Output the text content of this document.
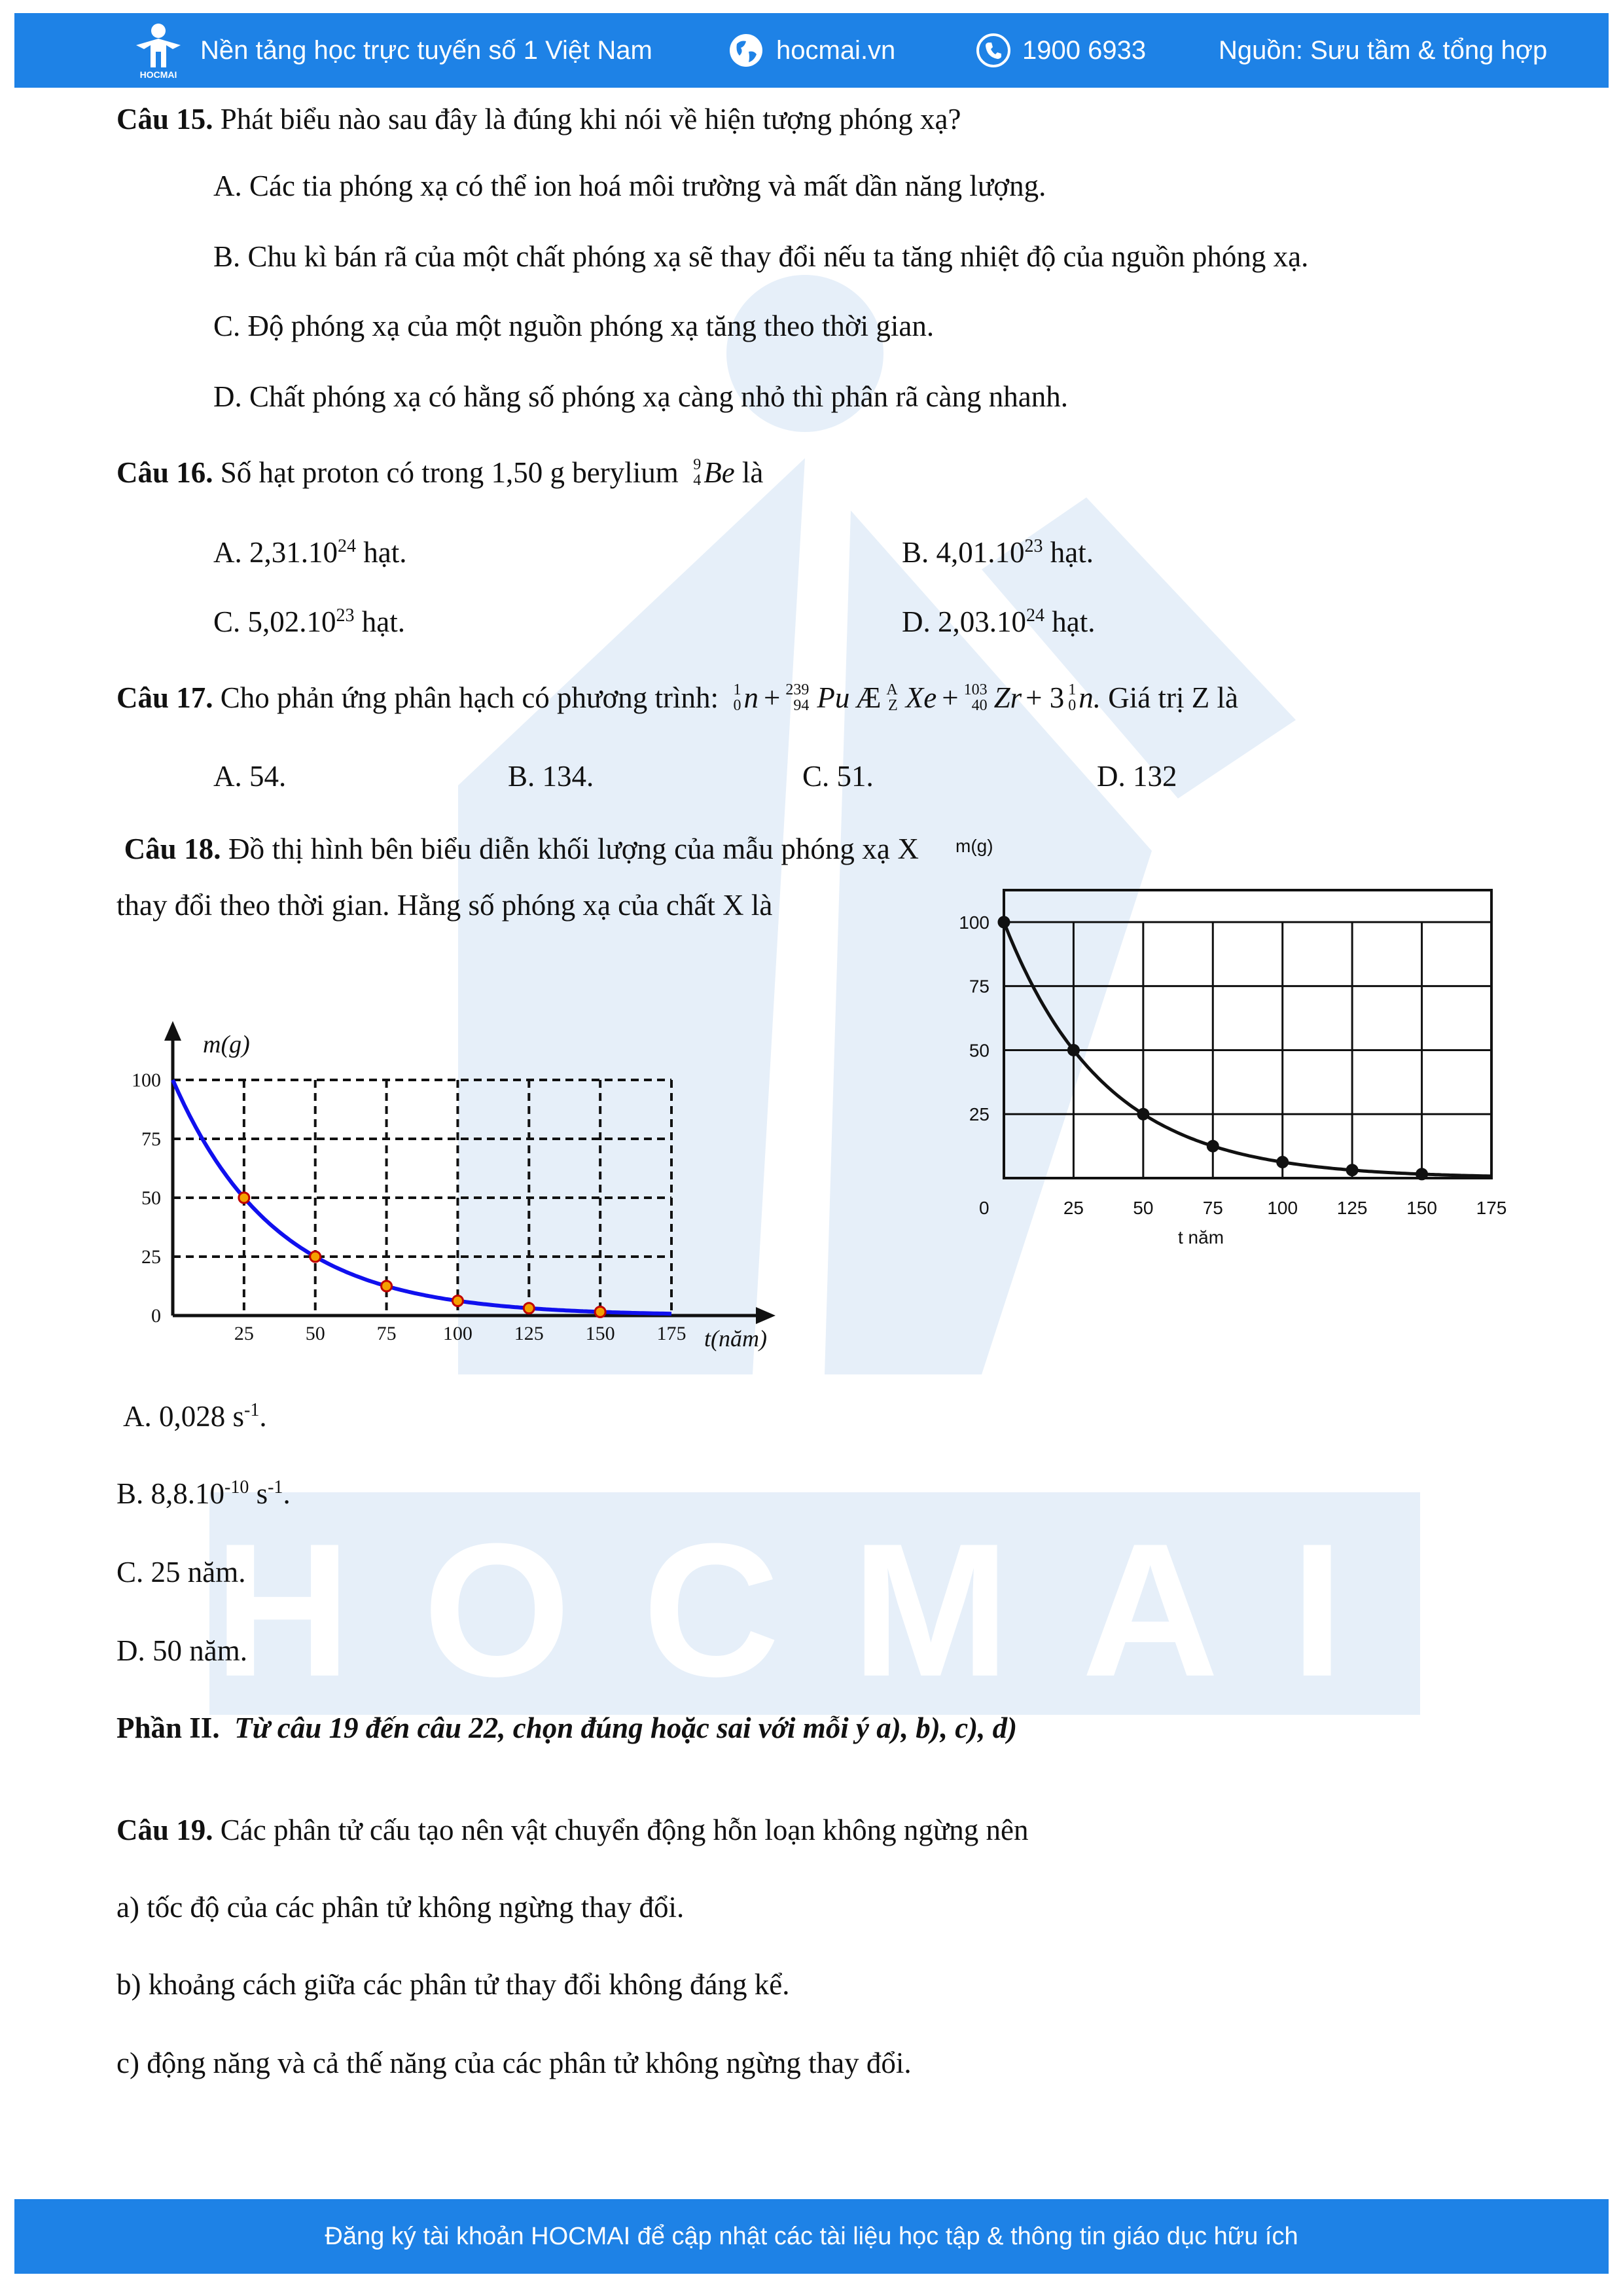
HOCMAI
HOCMAI
Nền tảng học trực tuyến số 1 Việt Nam	hocmai.vn	1900 6933	Nguồn: Sưu tầm & tổng hợp
Câu 15. Phát biểu nào sau đây là đúng khi nói về hiện tượng phóng xạ?
A. Các tia phóng xạ có thể ion hoá môi trường và mất dần năng lượng.
B. Chu kì bán rã của một chất phóng xạ sẽ thay đổi nếu ta tăng nhiệt độ của nguồn phóng xạ.
C. Độ phóng xạ của một nguồn phóng xạ tăng theo thời gian.
D. Chất phóng xạ có hằng số phóng xạ càng nhỏ thì phân rã càng nhanh.
Câu 16.
Số hạt proton có trong 1,50 g berylium
9
4 Be
là
A. 2,31.10$^{24}$ hạt.	B. 4,01.10$^{23}$ hạt.
C. 5,02.10$^{23}$ hạt.	D. 2,03.10$^{24}$ hạt.
Câu 17.
Cho phản ứng phân hạch có phương trình:
1
0 n + 239
94 Pu Æ A
Z Xe + 103
40 Zr + 3 1
0 n.
Giá trị Z là
A. 54.	B. 134.	C. 51.	D. 132
Câu 18. Đồ thị hình bên biểu diễn khối lượng của mẫu phóng xạ X thay đổi theo thời gian. Hằng số phóng xạ của chất X là
25	50	75 100 125 150 175
0
25
50
75
100
m(g)
t(năm)
0	25	50	75 100 125 150 175
25
50
75
100
m(g)
t năm
A. 0,028 $s^{-1}$.
B. $8,8.10^{-10}$ $s^{-1}$.
C. 25 năm.
D. 50 năm.
Phần II. Từ câu 19 đến câu 22, chọn đúng hoặc sai với mỗi ý a), b), c), d)
Câu 19. Các phân tử cấu tạo nên vật chuyển động hỗn loạn không ngừng nên
a) tốc độ của các phân tử không ngừng thay đổi.
b) khoảng cách giữa các phân tử thay đổi không đáng kể.
c) động năng và cả thế năng của các phân tử không ngừng thay đổi.
Đăng ký tài khoản HOCMAI để cập nhật các tài liệu học tập & thông tin giáo dục hữu ích
